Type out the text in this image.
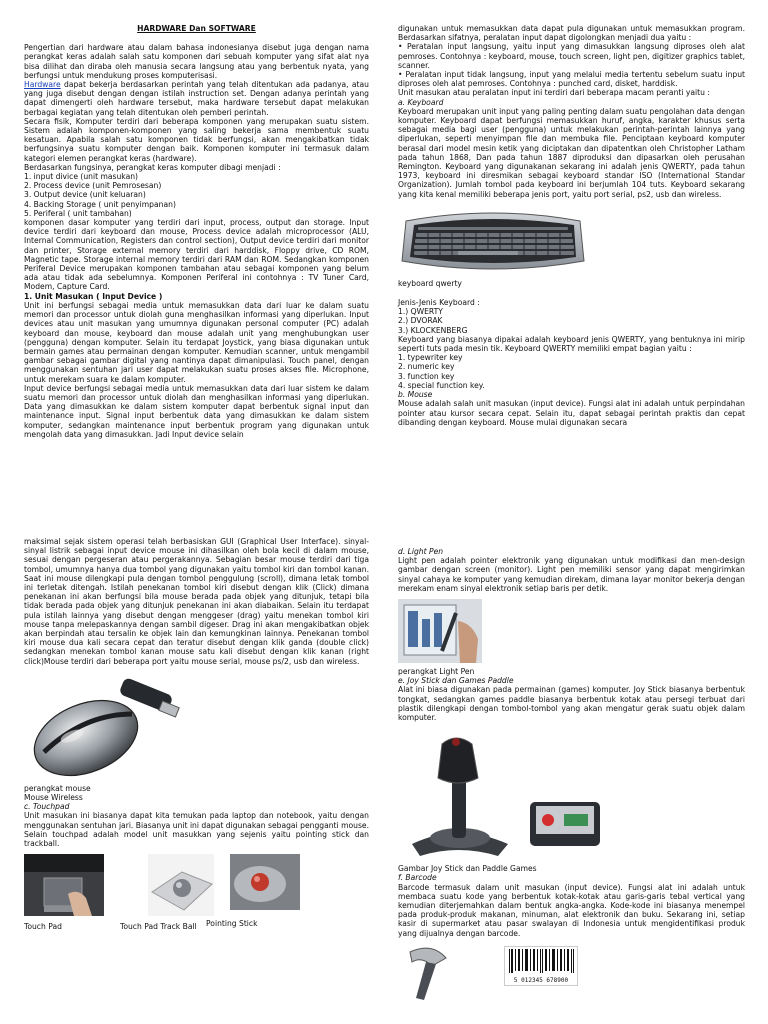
HARDWARE Dan SOFTWARE

Pengertian dari hardware atau dalam bahasa indonesianya disebut juga dengan nama perangkat keras adalah salah satu komponen dari sebuah komputer yang sifat alat nya bisa dilihat dan diraba oleh manusia secara langsung atau yang berbentuk nyata, yang berfungsi untuk mendukung proses komputerisasi.

Hardware dapat bekerja berdasarkan perintah yang telah ditentukan ada padanya, atau yang juga disebut dengan dengan istilah instruction set. Dengan adanya perintah yang dapat dimengerti oleh hardware tersebut, maka hardware tersebut dapat melakukan berbagai kegiatan yang telah ditentukan oleh pemberi perintah.

Secara fisik, Komputer terdiri dari beberapa komponen yang merupakan suatu sistem. Sistem adalah komponen-komponen yang saling bekerja sama membentuk suatu kesatuan. Apabila salah satu komponen tidak berfungsi, akan mengakibatkan tidak berfungsinya suatu komputer dengan baik. Komponen komputer ini termasuk dalam kategori elemen perangkat keras (hardware).

Berdasarkan fungsinya, perangkat keras komputer dibagi menjadi :

1. input divice (unit masukan)

2. Process device (unit Pemrosesan)

3. Output device (unit keluaran)

4. Backing Storage ( unit penyimpanan)

5. Periferal ( unit tambahan)

komponen dasar komputer yang terdiri dari input, process, output dan storage. Input device terdiri dari keyboard dan mouse, Process device adalah microprocessor (ALU, Internal Communication, Registers dan control section), Output device terdiri dari monitor dan printer, Storage external memory terdiri dari harddisk, Floppy drive, CD ROM, Magnetic tape. Storage internal memory terdiri dari RAM dan ROM. Sedangkan komponen Periferal Device merupakan komponen tambahan atau sebagai komponen yang belum ada atau tidak ada sebelumnya. Komponen Periferal ini contohnya : TV Tuner Card, Modem, Capture Card.

1. Unit Masukan ( Input Device )

Unit ini berfungsi sebagai media untuk memasukkan data dari luar ke dalam suatu memori dan processor untuk diolah guna menghasilkan informasi yang diperlukan. Input devices atau unit masukan yang umumnya digunakan personal computer (PC) adalah keyboard dan mouse, keyboard dan mouse adalah unit yang menghubungkan user (pengguna) dengan komputer. Selain itu terdapat Joystick, yang biasa digunakan untuk bermain games atau permainan dengan komputer. Kemudian scanner, untuk mengambil gambar sebagai gambar digital yang nantinya dapat dimanipulasi. Touch panel, dengan menggunakan sentuhan jari user dapat melakukan suatu proses akses file. Microphone, untuk merekam suara ke dalam komputer.

Input device berfungsi sebagai media untuk memasukkan data dari luar sistem ke dalam suatu memori dan processor untuk diolah dan menghasilkan informasi yang diperlukan. Data yang dimasukkan ke dalam sistem komputer dapat berbentuk signal input dan maintenance input. Signal input berbentuk data yang dimasukkan ke dalam sistem komputer, sedangkan maintenance input berbentuk program yang digunakan untuk mengolah data yang dimasukkan. Jadi Input device selain

digunakan untuk memasukkan data dapat pula digunakan untuk memasukkan program. Berdasarkan sifatnya, peralatan input dapat digolongkan menjadi dua yaitu :

• Peratalan input langsung, yaitu input yang dimasukkan langsung diproses oleh alat pemroses. Contohnya : keyboard, mouse, touch screen, light pen, digitizer graphics tablet, scanner.

• Peralatan input tidak langsung, input yang melalui media tertentu sebelum suatu input diproses oleh alat pemroses. Contohnya : punched card, disket, harddisk.

Unit masukan atau peralatan input ini terdiri dari beberapa macam peranti yaitu :

a. Keyboard

Keyboard merupakan unit input yang paling penting dalam suatu pengolahan data dengan komputer. Keyboard dapat berfungsi memasukkan huruf, angka, karakter khusus serta sebagai media bagi user (pengguna) untuk melakukan perintah-perintah lainnya yang diperlukan, seperti menyimpan file dan membuka file. Penciptaan keyboard komputer berasal dari model mesin ketik yang diciptakan dan dipatentkan oleh Christopher Latham pada tahun 1868, Dan pada tahun 1887 diproduksi dan dipasarkan oleh perusahan Remington. Keyboard yang digunakanan sekarang ini adalah jenis QWERTY, pada tahun 1973, keyboard ini diresmikan sebagai keyboard standar ISO (International Standar Organization). Jumlah tombol pada keyboard ini berjumlah 104 tuts. Keyboard sekarang yang kita kenal memiliki beberapa jenis port, yaitu port serial, ps2, usb dan wireless.

keyboard qwerty

Jenis-Jenis Keyboard :

1.) QWERTY

2.) DVORAK

3.) KLOCKENBERG

Keyboard yang biasanya dipakai adalah keyboard jenis QWERTY, yang bentuknya ini mirip seperti tuts pada mesin tik. Keyboard QWERTY memiliki empat bagian yaitu :

1. typewriter key

2. numeric key

3. function key

4. special function key.

b. Mouse

Mouse adalah salah unit masukan (input device). Fungsi alat ini adalah untuk perpindahan pointer atau kursor secara cepat. Selain itu, dapat sebagai perintah praktis dan cepat dibanding dengan keyboard. Mouse mulai digunakan secara

maksimal sejak sistem operasi telah berbasiskan GUI (Graphical User Interface). sinyal-sinyal listrik sebagai input device mouse ini dihasilkan oleh bola kecil di dalam mouse, sesuai dengan pergeseran atau pergerakannya. Sebagian besar mouse terdiri dari tiga tombol, umumnya hanya dua tombol yang digunakan yaitu tombol kiri dan tombol kanan. Saat ini mouse dilengkapi pula dengan tombol penggulung (scroll), dimana letak tombol ini terletak ditengah. Istilah penekanan tombol kiri disebut dengan klik (Click) dimana penekanan ini akan berfungsi bila mouse berada pada objek yang ditunjuk, tetapi bila tidak berada pada objek yang ditunjuk penekanan ini akan diabaikan. Selain itu terdapat pula istilah lainnya yang disebut dengan menggeser (drag) yaitu menekan tombol kiri mouse tanpa melepaskannya dengan sambil digeser. Drag ini akan mengakibatkan objek akan berpindah atau tersalin ke objek lain dan kemungkinan lainnya. Penekanan tombol kiri mouse dua kali secara cepat dan teratur disebut dengan klik ganda (double click) sedangkan menekan tombol kanan mouse satu kali disebut dengan klik kanan (right click)Mouse terdiri dari beberapa port yaitu mouse serial, mouse ps/2, usb dan wireless.

perangkat mouse

Mouse Wireless

c. Touchpad

Unit masukan ini biasanya dapat kita temukan pada laptop dan notebook, yaitu dengan menggunakan sentuhan jari. Biasanya unit ini dapat digunakan sebagai pengganti mouse. Selain touchpad adalah model unit masukkan yang sejenis yaitu pointing stick dan trackball.

Touch Pad	Touch Pad Track Ball	Pointing Stick

d. Light Pen

Light pen adalah pointer elektronik yang digunakan untuk modifikasi dan men-design gambar dengan screen (monitor). Light pen memiliki sensor yang dapat mengirimkan sinyal cahaya ke komputer yang kemudian direkam, dimana layar monitor bekerja dengan merekam enam sinyal elektronik setiap baris per detik.

perangkat Light Pen

e. Joy Stick dan Games Paddle

Alat ini biasa digunakan pada permainan (games) komputer. Joy Stick biasanya berbentuk tongkat, sedangkan games paddle biasanya berbentuk kotak atau persegi terbuat dari plastik dilengkapi dengan tombol-tombol yang akan mengatur gerak suatu objek dalam komputer.

Gambar Joy Stick dan Paddle Games

f. Barcode

Barcode termasuk dalam unit masukan (input device). Fungsi alat ini adalah untuk membaca suatu kode yang berbentuk kotak-kotak atau garis-garis tebal vertical yang kemudian diterjemahkan dalam bentuk angka-angka. Kode-kode ini biasanya menempel pada produk-produk makanan, minuman, alat elektronik dan buku. Sekarang ini, setiap kasir di supermarket atau pasar swalayan di Indonesia untuk mengidentifikasi produk yang dijualnya dengan barcode.

5 012345 678900
